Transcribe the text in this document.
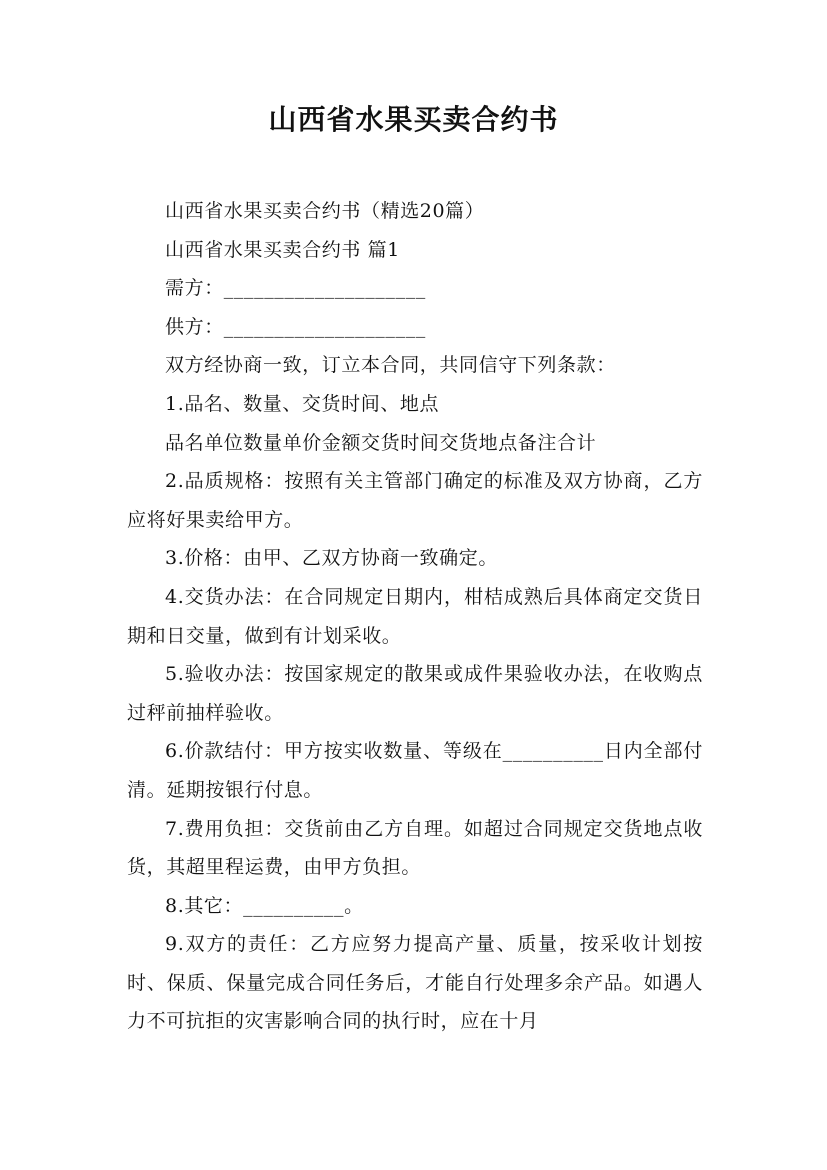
山西省水果买卖合约书

山西省水果买卖合约书（精选20篇）

山西省水果买卖合约书 篇1

需方：____________________

供方：____________________

双方经协商一致，订立本合同，共同信守下列条款：

1.品名、数量、交货时间、地点

品名单位数量单价金额交货时间交货地点备注合计

2.品质规格：按照有关主管部门确定的标准及双方协商，乙方应将好果卖给甲方。

3.价格：由甲、乙双方协商一致确定。

4.交货办法：在合同规定日期内，柑桔成熟后具体商定交货日期和日交量，做到有计划采收。

5.验收办法：按国家规定的散果或成件果验收办法，在收购点过秤前抽样验收。

6.价款结付：甲方按实收数量、等级在__________日内全部付清。延期按银行付息。

7.费用负担：交货前由乙方自理。如超过合同规定交货地点收货，其超里程运费，由甲方负担。

8.其它：__________。

9.双方的责任：乙方应努力提高产量、质量，按采收计划按时、保质、保量完成合同任务后，才能自行处理多余产品。如遇人力不可抗拒的灾害影响合同的执行时，应在十月
